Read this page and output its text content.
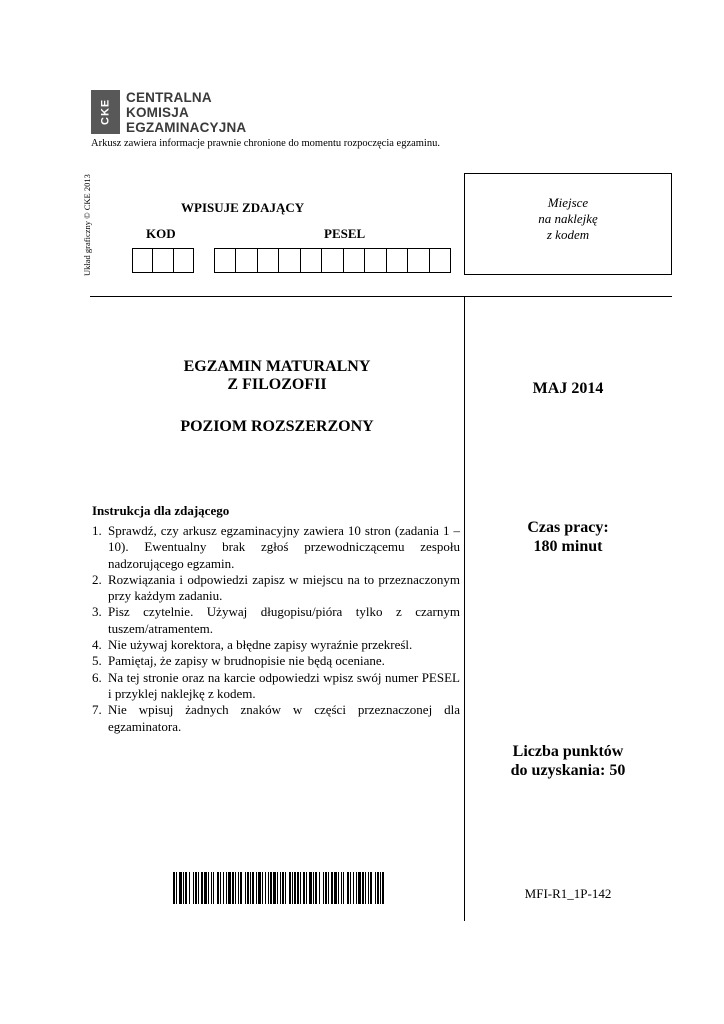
CKE
CENTRALNA
KOMISJA
EGZAMINACYJNA
Arkusz zawiera informacje prawnie chronione do momentu rozpoczęcia egzaminu.
Układ graficzny © CKE 2013	WPISUJE ZDAJĄCY
KOD	PESEL
Miejsce
na naklejkę
z kodem
EGZAMIN MATURALNY
Z FILOZOFII
POZIOM ROZSZERZONY
MAJ 2014
Instrukcja dla zdającego
1. Sprawdź, czy arkusz egzaminacyjny zawiera 10 stron (zadania 1 – 10). Ewentualny brak zgłoś przewodniczącemu zespołu nadzorującego egzamin.
2. Rozwiązania i odpowiedzi zapisz w miejscu na to przeznaczonym przy każdym zadaniu.
3. Pisz czytelnie. Używaj długopisu/pióra tylko z czarnym tuszem/atramentem.
4. Nie używaj korektora, a błędne zapisy wyraźnie przekreśl.
5. Pamiętaj, że zapisy w brudnopisie nie będą oceniane.
6. Na tej stronie oraz na karcie odpowiedzi wpisz swój numer PESEL i przyklej naklejkę z kodem.
7. Nie wpisuj żadnych znaków w części przeznaczonej dla egzaminatora.
Czas pracy:
180 minut
Liczba punktów
do uzyskania: 50
MFI-R1_1P-142
